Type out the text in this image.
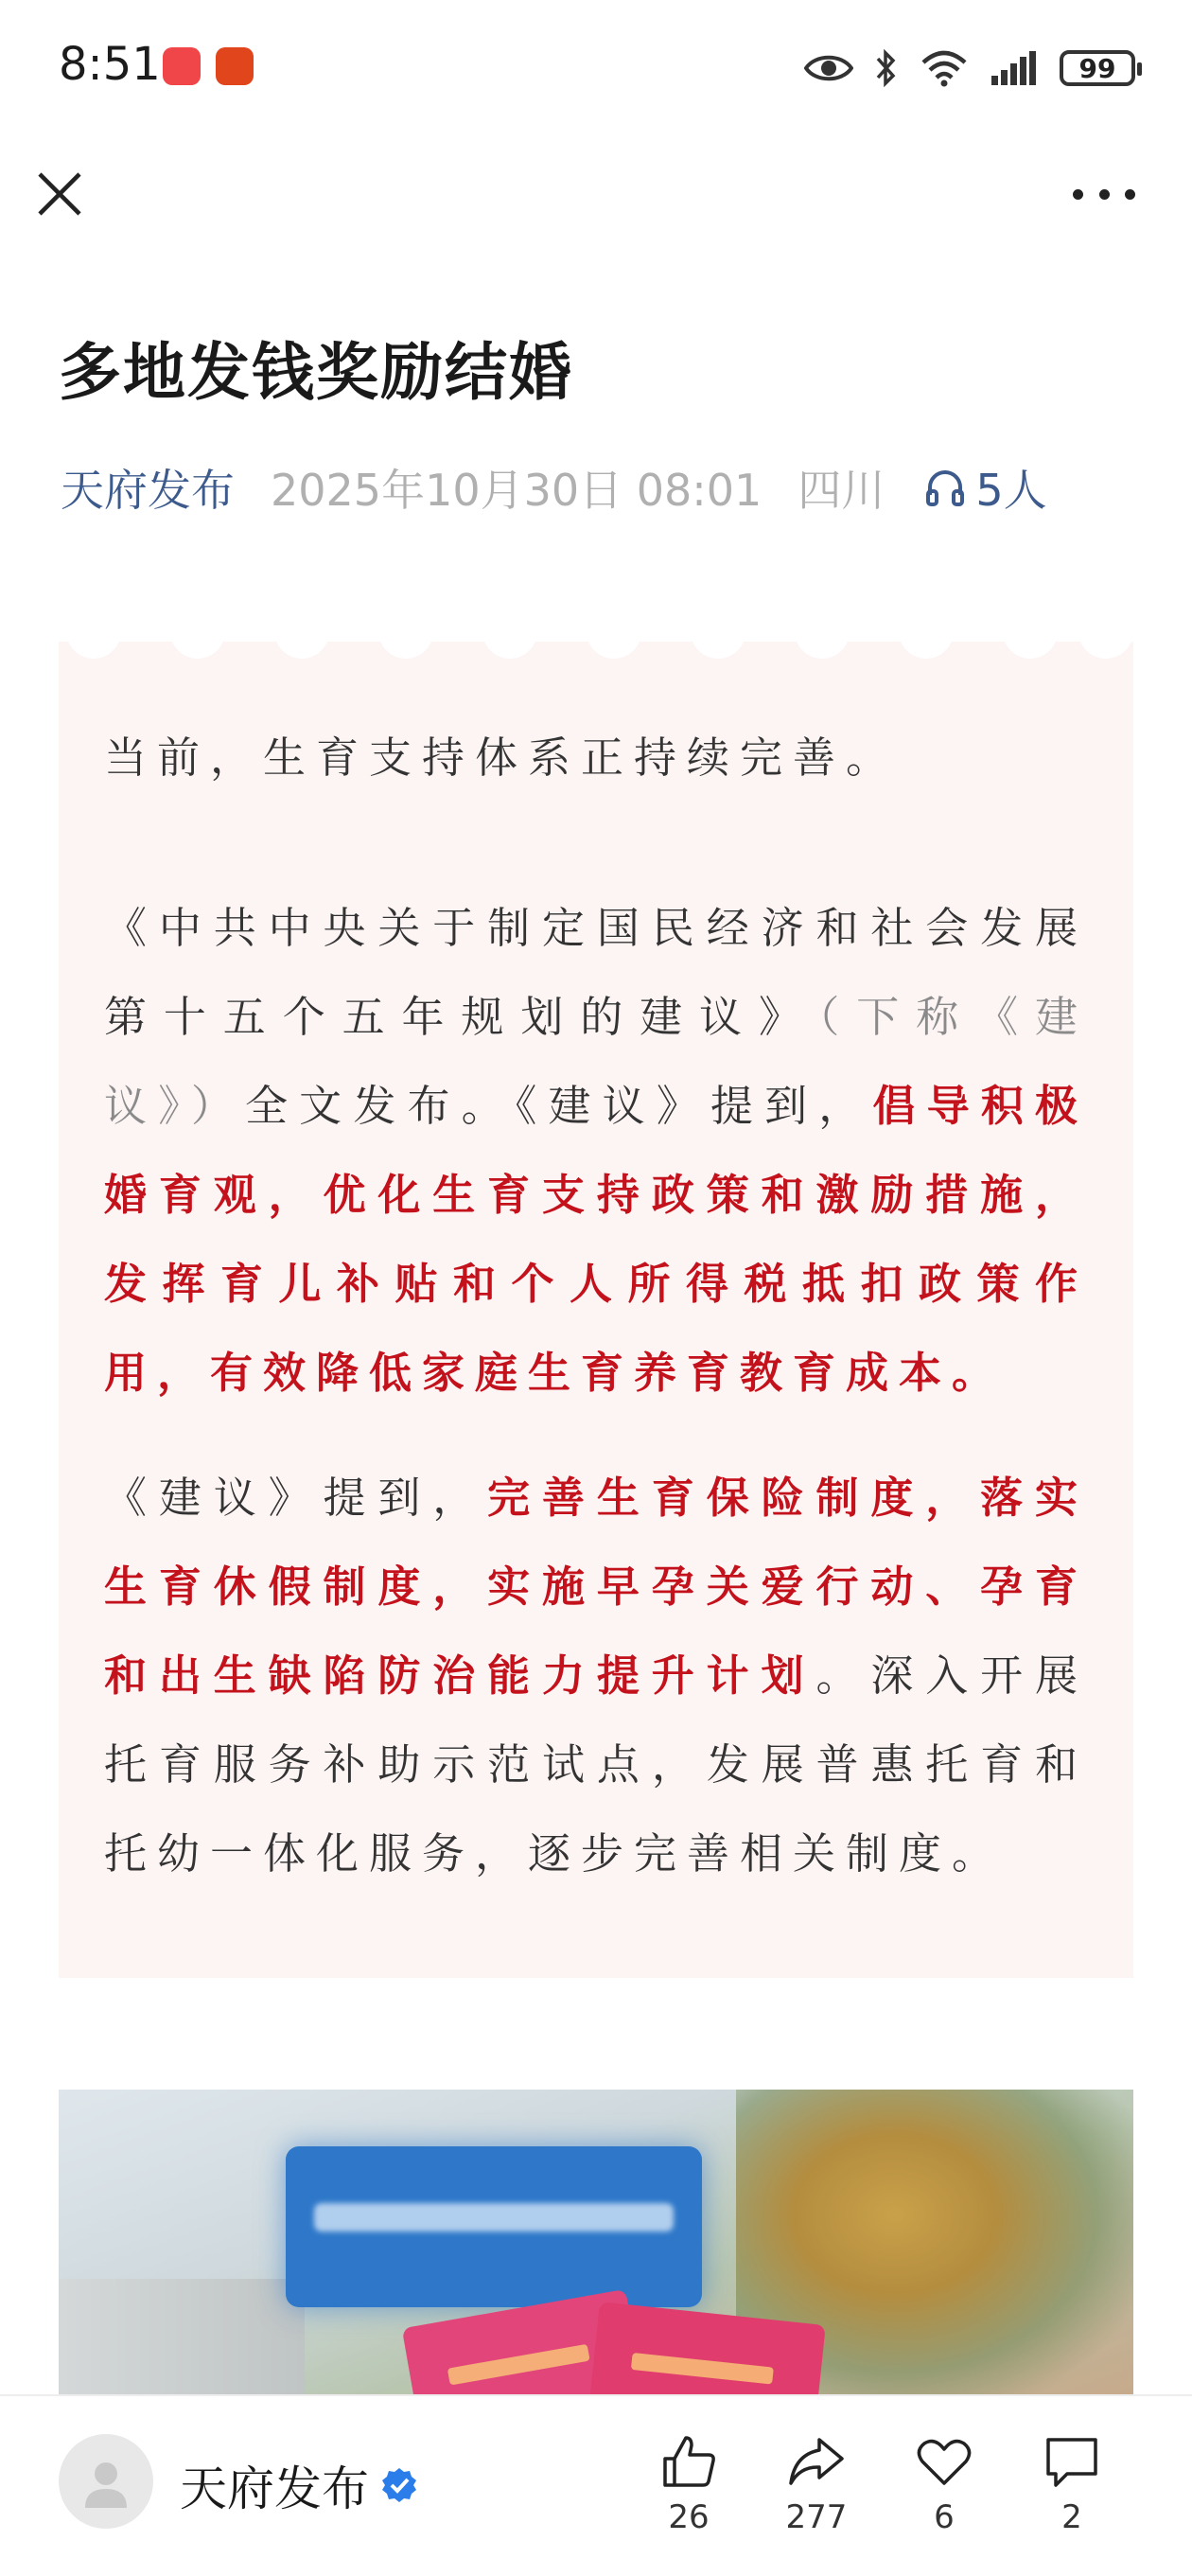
8:51	99
多地发钱奖励结婚
天府发布 2025年10月30日 08:01 四川 5人

当前，生育支持体系正持续完善。

《中共中央关于制定国民经济和社会发展第十五个五年规划的建议》（下称《建议》）全文发布。《建议》提到，倡导积极婚育观，优化生育支持政策和激励措施，发挥育儿补贴和个人所得税抵扣政策作用，有效降低家庭生育养育教育成本。

《建议》提到，完善生育保险制度，落实生育休假制度，实施早孕关爱行动、孕育和出生缺陷防治能力提升计划。深入开展托育服务补助示范试点，发展普惠托育和托幼一体化服务，逐步完善相关制度。

天府发布
26 277	6	2
